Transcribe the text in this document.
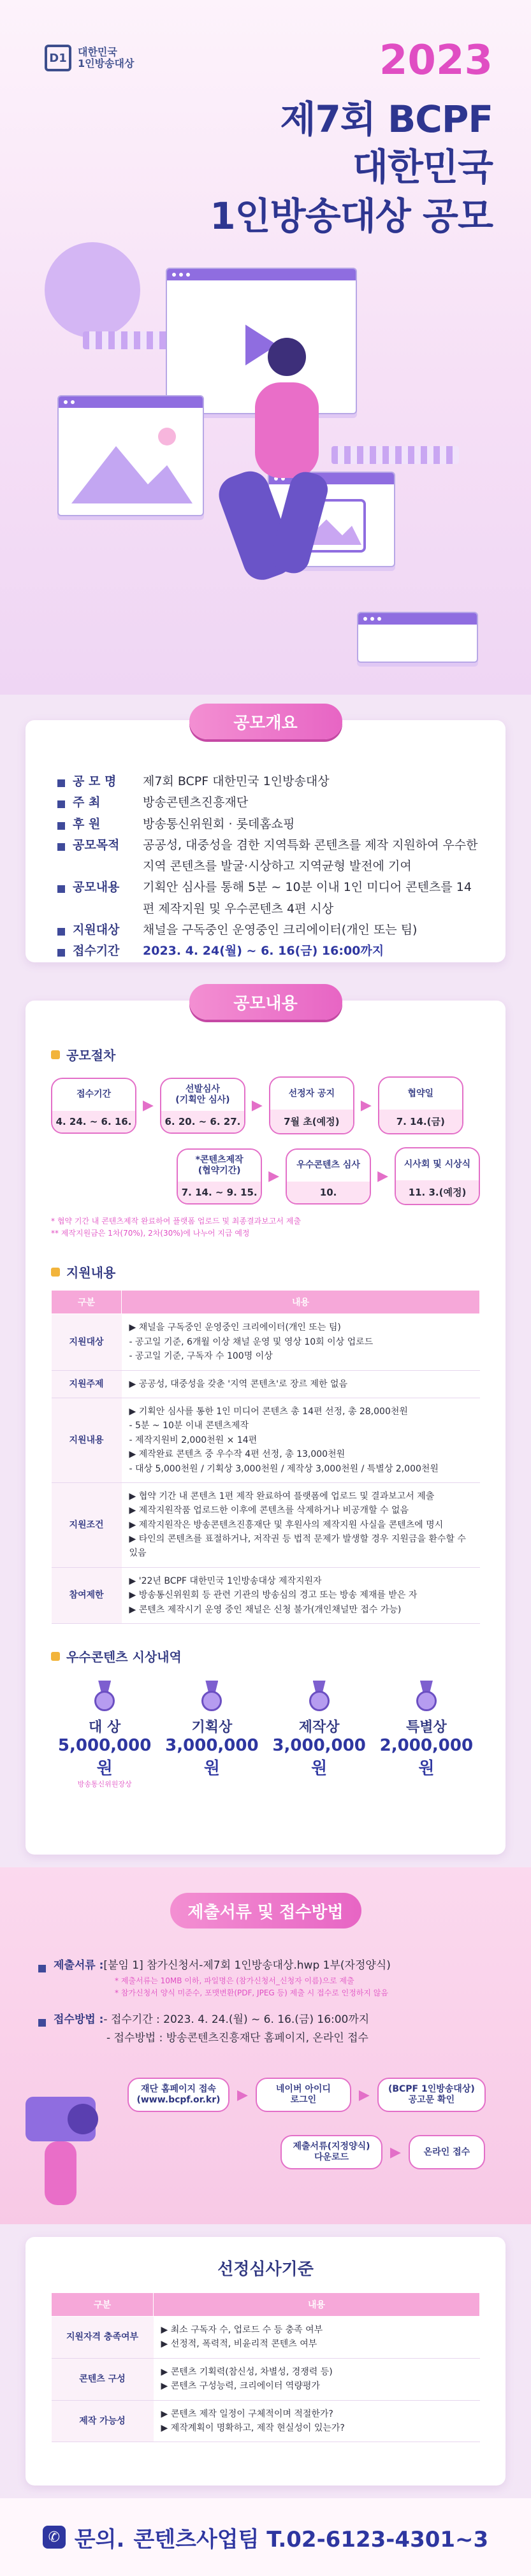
D1	대한민국
1인방송대상	2023
제7회 BCPF
대한민국
1인방송대상 공모
공모개요
공 모 명	제7회 BCPF 대한민국 1인방송대상
주 최	방송콘텐츠진흥재단
후 원	방송통신위원회 · 롯데홈쇼핑
공모목적	공공성, 대중성을 겸한 지역특화 콘텐츠를 제작 지원하여 우수한 지역 콘텐츠를 발굴·시상하고 지역균형 발전에 기여
공모내용	기획안 심사를 통해 5분 ~ 10분 이내 1인 미디어 콘텐츠를 14편 제작지원 및 우수콘텐츠 4편 시상
지원대상	채널을 구독중인 운영중인 크리에이터(개인 또는 팀)
접수기간	2023. 4. 24(월) ~ 6. 16(금) 16:00까지
공모내용
공모절차
접수기간
4. 24. ~ 6. 16.
▶
선발심사
(기획안 심사)
6. 20. ~ 6. 27.
▶
선정자 공지
7월 초(예정)
▶
협약일
7. 14.(금)
*콘텐츠제작
(협약기간)
7. 14. ~ 9. 15.
▶
우수콘텐츠 심사
10.
▶
시사회 및 시상식
11. 3.(예정)
* 협약 기간 내 콘텐츠제작 완료하여 플랫폼 업로드 및 최종결과보고서 제출
** 제작지원금은 1차(70%), 2차(30%)에 나누어 지급 예정
지원내용
구분	내용
지원대상	▶ 채널을 구독중인 운영중인 크리에이터(개인 또는 팀)
- 공고일 기준, 6개월 이상 채널 운영 및 영상 10회 이상 업로드
- 공고일 기준, 구독자 수 100명 이상
지원주제	▶ 공공성, 대중성을 갖춘 '지역 콘텐츠'로 장르 제한 없음
지원내용	▶ 기획안 심사를 통한 1인 미디어 콘텐츠 총 14편 선정, 총 28,000천원
- 5분 ~ 10분 이내 콘텐츠제작
- 제작지원비 2,000천원 × 14편
▶ 제작완료 콘텐츠 중 우수작 4편 선정, 총 13,000천원
- 대상 5,000천원 / 기획상 3,000천원 / 제작상 3,000천원 / 특별상 2,000천원
지원조건	▶ 협약 기간 내 콘텐츠 1편 제작 완료하여 플랫폼에 업로드 및 결과보고서 제출
▶ 제작지원작품 업로드한 이후에 콘텐츠를 삭제하거나 비공개할 수 없음
▶ 제작지원작은 방송콘텐츠진흥재단 및 후원사의 제작지원 사실을 콘텐츠에 명시
▶ 타인의 콘텐츠를 표절하거나, 저작권 등 법적 문제가 발생할 경우 지원금을 환수할 수 있음
참여제한	▶ '22년 BCPF 대한민국 1인방송대상 제작지원자
▶ 방송통신위원회 등 관련 기관의 방송심의 경고 또는 방송 제재를 받은 자
▶ 콘텐츠 제작시기 운영 중인 채널은 신청 불가(개인채널만 접수 가능)
우수콘텐츠 시상내역
대 상
5,000,000원
방송통신위원장상
기획상
3,000,000원
제작상
3,000,000원
특별상
2,000,000원
제출서류 및 접수방법
제출서류 : [붙임 1] 참가신청서-제7회 1인방송대상.hwp 1부(자정양식)
* 제출서류는 10MB 이하, 파일명은 (참가신청서_신청자 이름)으로 제출
* 참가신청서 양식 미준수, 포맷변환(PDF, JPEG 등) 제출 시 접수로 인정하지 않음
접수방법 : - 접수기간 : 2023. 4. 24.(월) ~ 6. 16.(금) 16:00까지
- 접수방법 : 방송콘텐츠진흥재단 홈페이지, 온라인 접수
재단 홈페이지 접속
(www.bcpf.or.kr)	▶	네이버 아이디
로그인	▶	(BCPF 1인방송대상)
공고문 확인
제출서류(지정양식)
다운로드	▶	온라인 접수
선정심사기준
구분	내용
지원자격 충족여부	▶ 최소 구독자 수, 업로드 수 등 충족 여부
▶ 선정적, 폭력적, 비윤리적 콘텐츠 여부
콘텐츠 구성	▶ 콘텐츠 기획력(참신성, 차별성, 경쟁력 등)
▶ 콘텐츠 구성능력, 크리에이터 역량평가
제작 가능성	▶ 콘텐츠 제작 일정이 구체적이며 적절한가?
▶ 제작계획이 명확하고, 제작 현실성이 있는가?
✆ 문의. 콘텐츠사업팀 T.02-6123-4301~3
